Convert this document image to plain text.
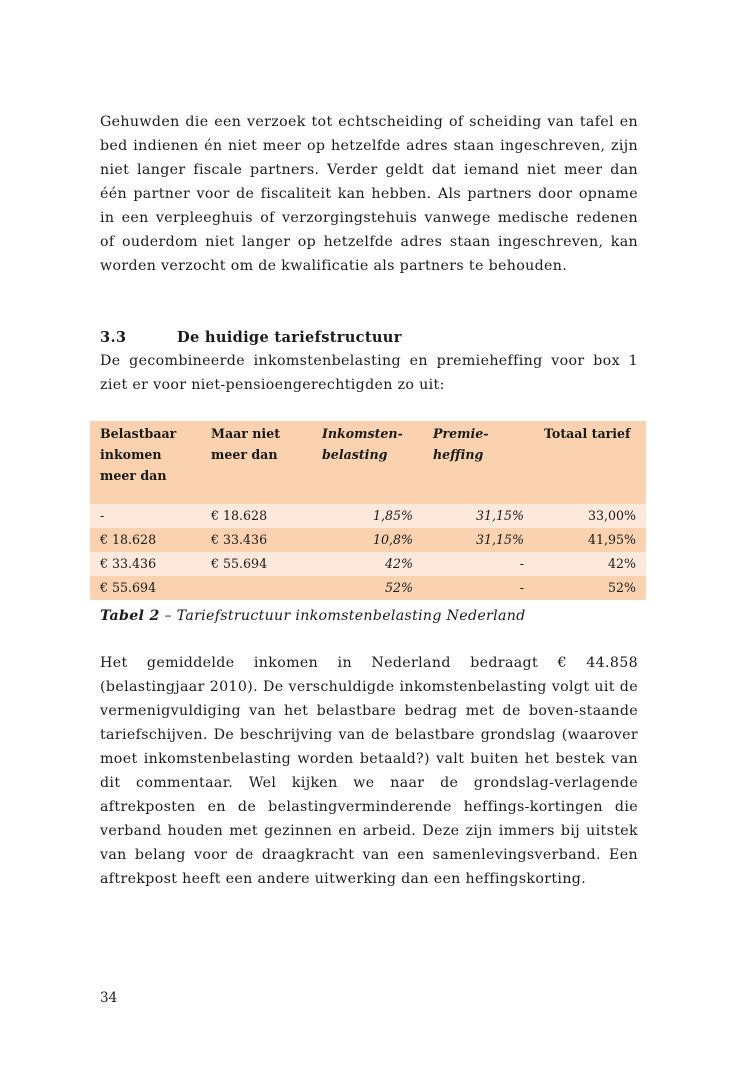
Gehuwden die een verzoek tot echtscheiding of scheiding van tafel en bed indienen én niet meer op hetzelfde adres staan ingeschreven, zijn niet langer fiscale partners. Verder geldt dat iemand niet meer dan één partner voor de fiscaliteit kan hebben. Als partners door opname in een verpleeghuis of verzorgingstehuis vanwege medische redenen of ouderdom niet langer op hetzelfde adres staan ingeschreven, kan worden verzocht om de kwalificatie als partners te behouden.

3.3	De huidige tariefstructuur

De gecombineerde inkomstenbelasting en premieheffing voor box 1 ziet er voor niet-pensioengerechtigden zo uit:

Belastbaar inkomen meer dan	Maar niet meer dan	Inkomsten-belasting	Premie-heffing	Totaal tarief
-	€ 18.628	1,85%	31,15%	33,00%
€ 18.628	€ 33.436	10,8%	31,15%	41,95%
€ 33.436	€ 55.694	42%	-	42%
€ 55.694		52%	-	52%

Tabel 2 – Tariefstructuur inkomstenbelasting Nederland

Het gemiddelde inkomen in Nederland bedraagt € 44.858 (belastingjaar 2010). De verschuldigde inkomstenbelasting volgt uit de vermenigvuldiging van het belastbare bedrag met de boven-staande tariefschijven. De beschrijving van de belastbare grondslag (waarover moet inkomstenbelasting worden betaald?) valt buiten het bestek van dit commentaar. Wel kijken we naar de grondslag-verlagende aftrekposten en de belastingverminderende heffings-kortingen die verband houden met gezinnen en arbeid. Deze zijn immers bij uitstek van belang voor de draagkracht van een samenlevingsverband. Een aftrekpost heeft een andere uitwerking dan een heffingskorting.

34
